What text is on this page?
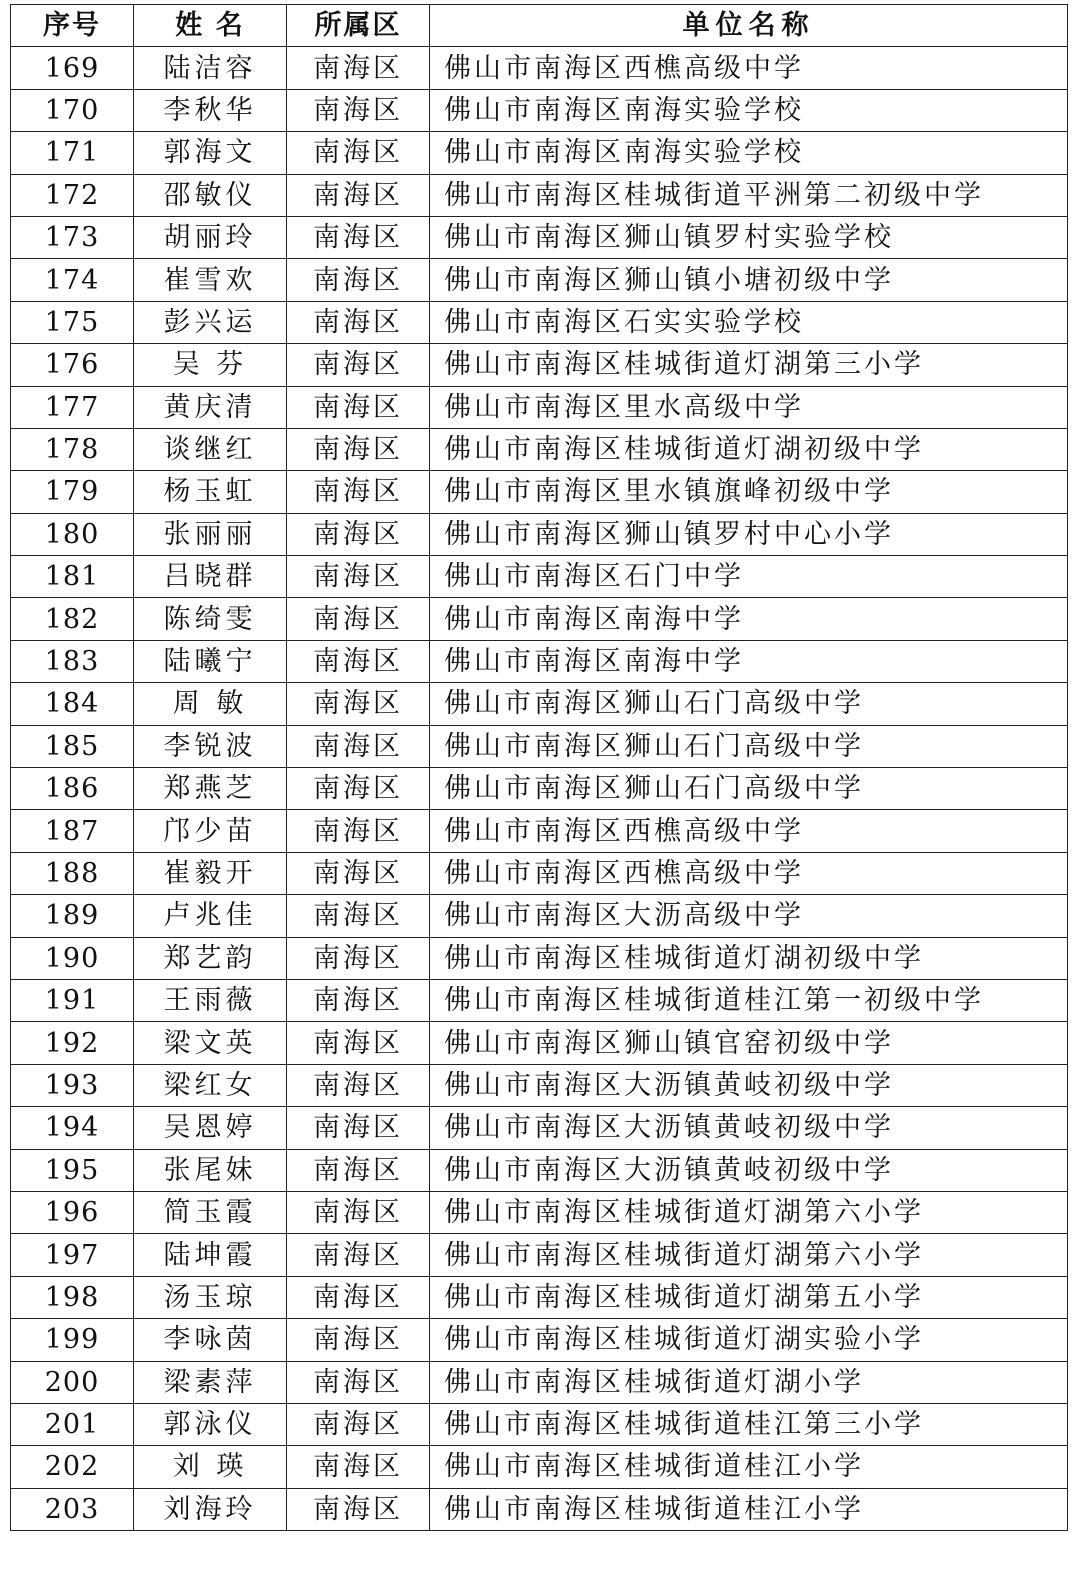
序号	姓 名	所属区	单位名称
169	陆洁容	南海区	佛山市南海区西樵高级中学
170	李秋华	南海区	佛山市南海区南海实验学校
171	郭海文	南海区	佛山市南海区南海实验学校
172	邵敏仪	南海区	佛山市南海区桂城街道平洲第二初级中学
173	胡丽玲	南海区	佛山市南海区狮山镇罗村实验学校
174	崔雪欢	南海区	佛山市南海区狮山镇小塘初级中学
175	彭兴运	南海区	佛山市南海区石实实验学校
176	吴 芬	南海区	佛山市南海区桂城街道灯湖第三小学
177	黄庆清	南海区	佛山市南海区里水高级中学
178	谈继红	南海区	佛山市南海区桂城街道灯湖初级中学
179	杨玉虹	南海区	佛山市南海区里水镇旗峰初级中学
180	张丽丽	南海区	佛山市南海区狮山镇罗村中心小学
181	吕晓群	南海区	佛山市南海区石门中学
182	陈绮雯	南海区	佛山市南海区南海中学
183	陆曦宁	南海区	佛山市南海区南海中学
184	周 敏	南海区	佛山市南海区狮山石门高级中学
185	李锐波	南海区	佛山市南海区狮山石门高级中学
186	郑燕芝	南海区	佛山市南海区狮山石门高级中学
187	邝少苗	南海区	佛山市南海区西樵高级中学
188	崔毅开	南海区	佛山市南海区西樵高级中学
189	卢兆佳	南海区	佛山市南海区大沥高级中学
190	郑艺韵	南海区	佛山市南海区桂城街道灯湖初级中学
191	王雨薇	南海区	佛山市南海区桂城街道桂江第一初级中学
192	梁文英	南海区	佛山市南海区狮山镇官窑初级中学
193	梁红女	南海区	佛山市南海区大沥镇黄岐初级中学
194	吴恩婷	南海区	佛山市南海区大沥镇黄岐初级中学
195	张尾妹	南海区	佛山市南海区大沥镇黄岐初级中学
196	简玉霞	南海区	佛山市南海区桂城街道灯湖第六小学
197	陆坤霞	南海区	佛山市南海区桂城街道灯湖第六小学
198	汤玉琼	南海区	佛山市南海区桂城街道灯湖第五小学
199	李咏茵	南海区	佛山市南海区桂城街道灯湖实验小学
200	梁素萍	南海区	佛山市南海区桂城街道灯湖小学
201	郭泳仪	南海区	佛山市南海区桂城街道桂江第三小学
202	刘 瑛	南海区	佛山市南海区桂城街道桂江小学
203	刘海玲	南海区	佛山市南海区桂城街道桂江小学
